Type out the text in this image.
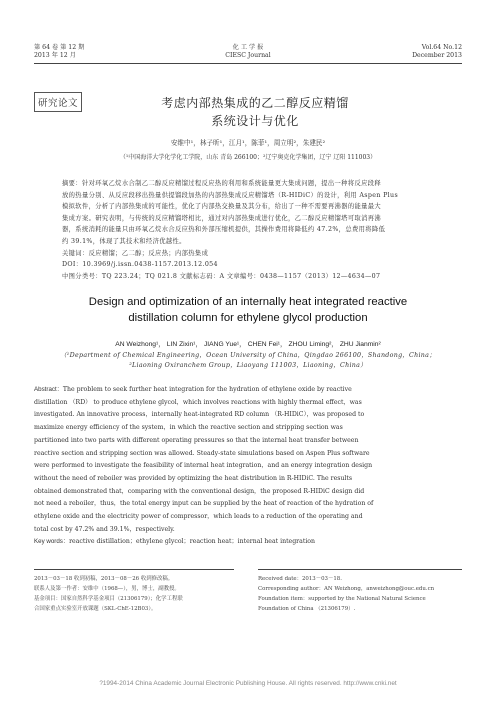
第 64 卷 第 12 期
2013 年 12 月
化 工 学 报
CIESC Journal
Vol.64 No.12
December 2013
研究论文	考虑内部热集成的乙二醇反应精馏
系统设计与优化
安维中¹，林子昕¹，江月¹，陈菲¹，周立明²，朱建民²
（¹中国海洋大学化学化工学院，山东 青岛 266100；²辽宁奥克化学集团，辽宁 辽阳 111003）
摘要：针对环氧乙烷水合制乙二醇反应精馏过程反应热的利用和系统能量更大集成问题，提出一种将反应段释
放的热量分别、从反应段移出热量供提馏段加热的内部热集成反应精馏塔（R-HIDiC）的设计，利用 Aspen Plus
模拟软件，分析了内部热集成的可能性，优化了内部热交换量及其分布，给出了一种不需要再沸器的能量最大
集成方案。研究表明，与传统的反应精馏塔相比，通过对内部热集成进行优化，乙二醇反应精馏塔可取消再沸
器，系统消耗的能量只由环氧乙烷水合反应热和外部压缩机提供，其操作费用将降低约 47.2%，总费用将降低
约 39.1%，体现了其技术和经济优越性。
关键词：反应精馏；乙二醇；反应热；内部热集成
DOI：10.3969/j.issn.0438-1157.2013.12.054
中图分类号：TQ 223.24；TQ 021.8 文献标志码：A 文章编号：0438—1157（2013）12—4634—07
Design and optimization of an internally heat integrated reactive
distillation column for ethylene glycol production
AN Weizhong¹， LIN Zixin¹， JIANG Yue¹， CHEN Fei¹， ZHOU Liming²， ZHU Jianmin²
（¹Department of Chemical Engineering，Ocean University of China，Qingdao 266100，Shandong，China；
²Liaoning Oxiranchem Group，Liaoyang 111003，Liaoning，China）
Abstract：The problem to seek further heat integration for the hydration of ethylene oxide by reactive
distillation （RD） to produce ethylene glycol，which involves reactions with highly thermal effect，was
investigated. An innovative process，internally heat-integrated RD column （R-HIDiC），was proposed to
maximize energy efficiency of the system，in which the reactive section and stripping section was
partitioned into two parts with different operating pressures so that the internal heat transfer between
reactive section and stripping section was allowed. Steady-state simulations based on Aspen Plus software
were performed to investigate the feasibility of internal heat integration，and an energy integration design
without the need of reboiler was provided by optimizing the heat distribution in R-HIDiC. The results
obtained demonstrated that，comparing with the conventional design，the proposed R-HIDiC design did
not need a reboiler，thus，the total energy input can be supplied by the heat of reaction of the hydration of
ethylene oxide and the electricity power of compressor，which leads to a reduction of the operating and
total cost by 47.2% and 39.1%，respectively.
Key words：reactive distillation；ethylene glycol；reaction heat；internal heat integration
2013－03－18 收到初稿，2013－08－26 收到修改稿。
联系人及第一作者：安维中（1968—），男，博士，副教授。
基金项目：国家自然科学基金项目（21306179）；化学工程联
合国家重点实验室开放课题（SKL-ChE-12B03）。
Received date：2013－03－18.
Corresponding author：AN Weizhong，anweizhong@ouc.edu.cn
Foundation item：supported by the National Natural Science
Foundation of China （21306179）.
?1994-2014 China Academic Journal Electronic Publishing House. All rights reserved. http://www.cnki.net
